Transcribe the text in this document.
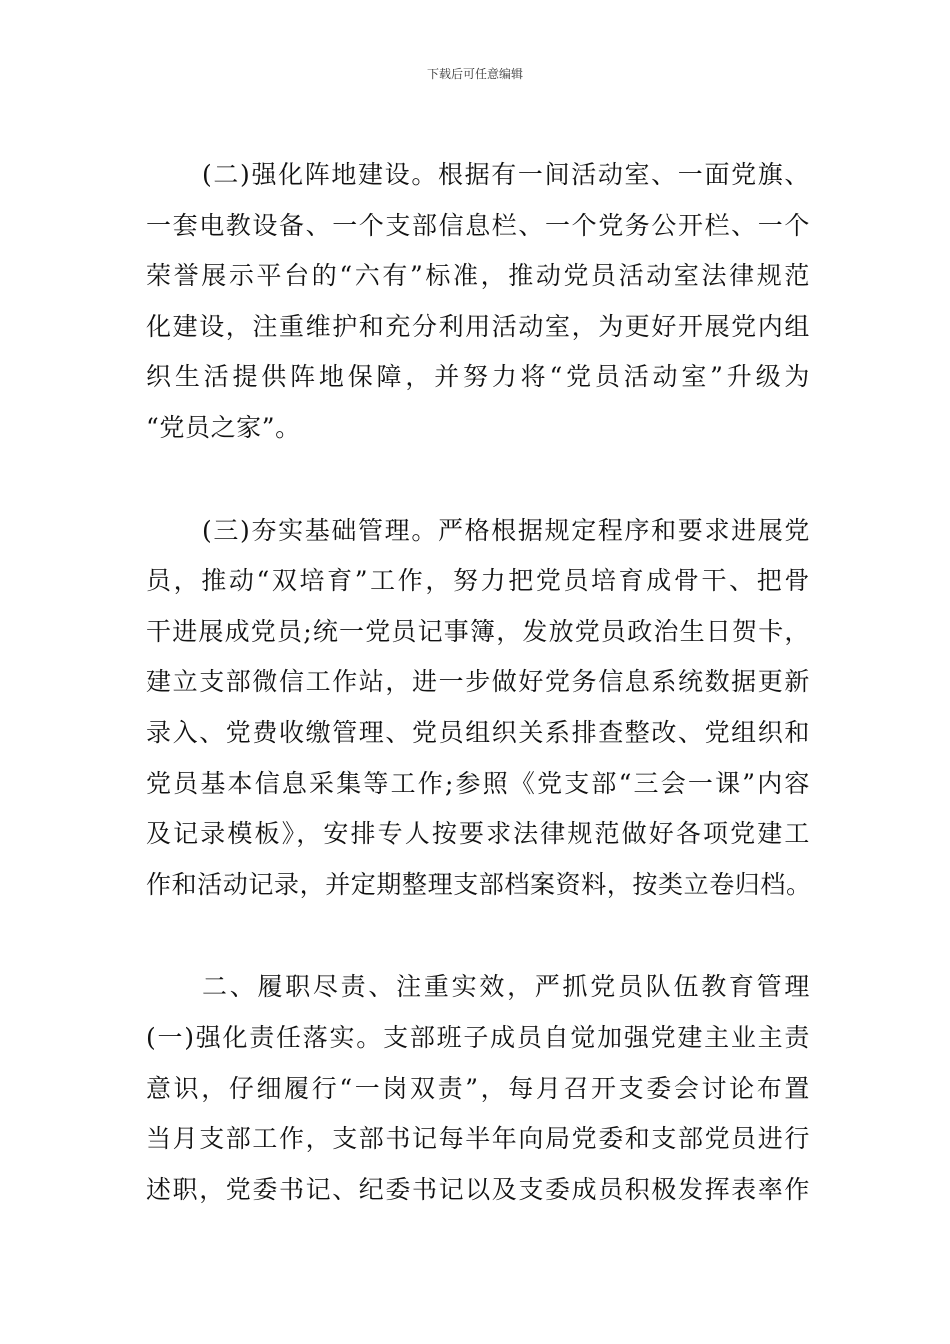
下载后可任意编辑

(二)强化阵地建设。根据有一间活动室、一面党旗、
一套电教设备、一个支部信息栏、一个党务公开栏、一个
荣誉展示平台的“六有”标准，推动党员活动室法律规范
化建设，注重维护和充分利用活动室，为更好开展党内组
织生活提供阵地保障，并努力将“党员活动室”升级为
“党员之家”。

(三)夯实基础管理。严格根据规定程序和要求进展党
员，推动“双培育”工作，努力把党员培育成骨干、把骨
干进展成党员;统一党员记事簿，发放党员政治生日贺卡，
建立支部微信工作站，进一步做好党务信息系统数据更新
录入、党费收缴管理、党员组织关系排查整改、党组织和
党员基本信息采集等工作;参照《党支部“三会一课”内容
及记录模板》，安排专人按要求法律规范做好各项党建工
作和活动记录，并定期整理支部档案资料，按类立卷归档。

二、履职尽责、注重实效，严抓党员队伍教育管理
(一)强化责任落实。支部班子成员自觉加强党建主业主责
意识，仔细履行“一岗双责”，每月召开支委会讨论布置
当月支部工作，支部书记每半年向局党委和支部党员进行
述职，党委书记、纪委书记以及支委成员积极发挥表率作
